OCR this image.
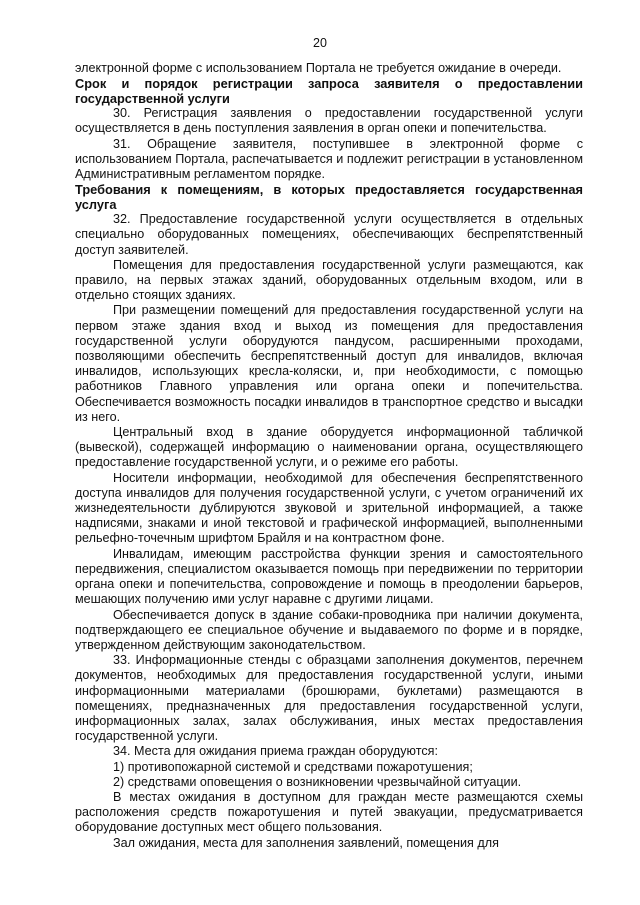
20

электронной форме с использованием Портала не требуется ожидание в очереди.

Срок и порядок регистрации запроса заявителя о предоставлении государственной услуги

30. Регистрация заявления о предоставлении государственной услуги осуществляется в день поступления заявления в орган опеки и попечительства.

31. Обращение заявителя, поступившее в электронной форме с использованием Портала, распечатывается и подлежит регистрации в установленном Административным регламентом порядке.

Требования к помещениям, в которых предоставляется государственная услуга

32. Предоставление государственной услуги осуществляется в отдельных специально оборудованных помещениях, обеспечивающих беспрепятственный доступ заявителей.

Помещения для предоставления государственной услуги размещаются, как правило, на первых этажах зданий, оборудованных отдельным входом, или в отдельно стоящих зданиях.

При размещении помещений для предоставления государственной услуги на первом этаже здания вход и выход из помещения для предоставления государственной услуги оборудуются пандусом, расширенными проходами, позволяющими обеспечить беспрепятственный доступ для инвалидов, включая инвалидов, использующих кресла-коляски, и, при необходимости, с помощью работников Главного управления или органа опеки и попечительства. Обеспечивается возможность посадки инвалидов в транспортное средство и высадки из него.

Центральный вход в здание оборудуется информационной табличкой (вывеской), содержащей информацию о наименовании органа, осуществляющего предоставление государственной услуги, и о режиме его работы.

Носители информации, необходимой для обеспечения беспрепятственного доступа инвалидов для получения государственной услуги, с учетом ограничений их жизнедеятельности дублируются звуковой и зрительной информацией, а также надписями, знаками и иной текстовой и графической информацией, выполненными рельефно-точечным шрифтом Брайля и на контрастном фоне.

Инвалидам, имеющим расстройства функции зрения и самостоятельного передвижения, специалистом оказывается помощь при передвижении по территории органа опеки и попечительства, сопровождение и помощь в преодолении барьеров, мешающих получению ими услуг наравне с другими лицами.

Обеспечивается допуск в здание собаки-проводника при наличии документа, подтверждающего ее специальное обучение и выдаваемого по форме и в порядке, утвержденном действующим законодательством.

33. Информационные стенды с образцами заполнения документов, перечнем документов, необходимых для предоставления государственной услуги, иными информационными материалами (брошюрами, буклетами) размещаются в помещениях, предназначенных для предоставления государственной услуги, информационных залах, залах обслуживания, иных местах предоставления государственной услуги.

34. Места для ожидания приема граждан оборудуются:

1) противопожарной системой и средствами пожаротушения;

2) средствами оповещения о возникновении чрезвычайной ситуации.

В местах ожидания в доступном для граждан месте размещаются схемы расположения средств пожаротушения и путей эвакуации, предусматривается оборудование доступных мест общего пользования.

Зал ожидания, места для заполнения заявлений, помещения для
